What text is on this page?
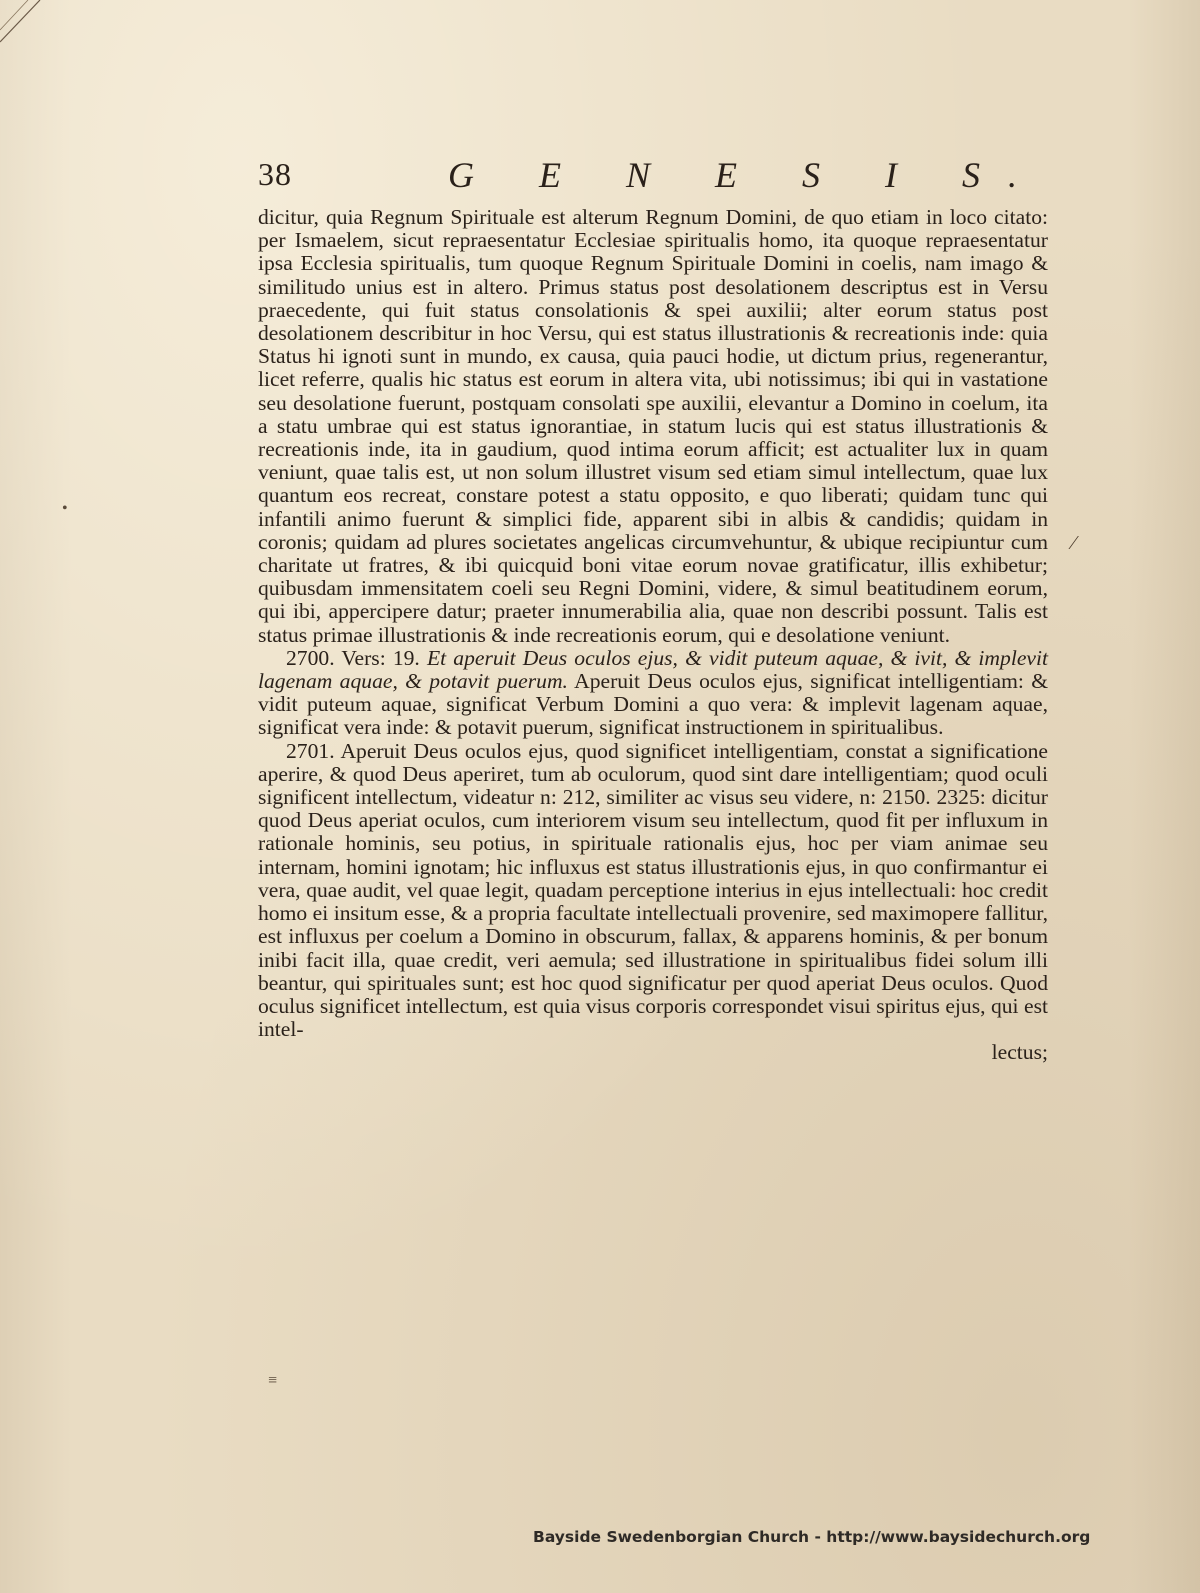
38	G E N E S I S.

dicitur, quia Regnum Spirituale est alterum Regnum Domini, de quo etiam in loco citato: per Ismaelem, sicut repraesentatur Ecclesiae spiritualis homo, ita quoque repraesentatur ipsa Ecclesia spiritualis, tum quoque Regnum Spirituale Domini in coelis, nam imago & similitudo unius est in altero. Primus status post desolationem descriptus est in Versu praecedente, qui fuit status consolationis & spei auxilii; alter eorum status post desolationem describitur in hoc Versu, qui est status illustrationis & recreationis inde: quia Status hi ignoti sunt in mundo, ex causa, quia pauci hodie, ut dictum prius, regenerantur, licet referre, qualis hic status est eorum in altera vita, ubi notissimus; ibi qui in vastatione seu desolatione fuerunt, postquam consolati spe auxilii, elevantur a Domino in coelum, ita a statu umbrae qui est status ignorantiae, in statum lucis qui est status illustrationis & recreationis inde, ita in gaudium, quod intima eorum afficit; est actualiter lux in quam veniunt, quae talis est, ut non solum illustret visum sed etiam simul intellectum, quae lux quantum eos recreat, constare potest a statu opposito, e quo liberati; quidam tunc qui infantili animo fuerunt & simplici fide, apparent sibi in albis & candidis; quidam in coronis; quidam ad plures societates angelicas circumvehuntur, & ubique recipiuntur cum charitate ut fratres, & ibi quicquid boni vitae eorum novae gratificatur, illis exhibetur; quibusdam immensitatem coeli seu Regni Domini, videre, & simul beatitudinem eorum, qui ibi, appercipere datur; praeter innumerabilia alia, quae non describi possunt. Talis est status primae illustrationis & inde recreationis eorum, qui e desolatione veniunt.

2700. Vers: 19. Et aperuit Deus oculos ejus, & vidit puteum aquae, & ivit, & implevit lagenam aquae, & potavit puerum. Aperuit Deus oculos ejus, significat intelligentiam: & vidit puteum aquae, significat Verbum Domini a quo vera: & implevit lagenam aquae, significat vera inde: & potavit puerum, significat instructionem in spiritualibus.

2701. Aperuit Deus oculos ejus, quod significet intelligentiam, constat a significatione aperire, & quod Deus aperiret, tum ab oculorum, quod sint dare intelligentiam; quod oculi significent intellectum, videatur n: 212, similiter ac visus seu videre, n: 2150. 2325: dicitur quod Deus aperiat oculos, cum interiorem visum seu intellectum, quod fit per influxum in rationale hominis, seu potius, in spirituale rationalis ejus, hoc per viam animae seu internam, homini ignotam; hic influxus est status illustrationis ejus, in quo confirmantur ei vera, quae audit, vel quae legit, quadam perceptione interius in ejus intellectuali: hoc credit homo ei insitum esse, & a propria facultate intellectuali provenire, sed maximopere fallitur, est influxus per coelum a Domino in obscurum, fallax, & apparens hominis, & per bonum inibi facit illa, quae credit, veri aemula; sed illustratione in spiritualibus fidei solum illi beantur, qui spirituales sunt; est hoc quod significatur per quod aperiat Deus oculos. Quod oculus significet intellectum, est quia visus corporis correspondet visui spiritus ejus, qui est intel-

lectus;

⁄
•
≡
Bayside Swedenborgian Church - http://www.baysidechurch.org
